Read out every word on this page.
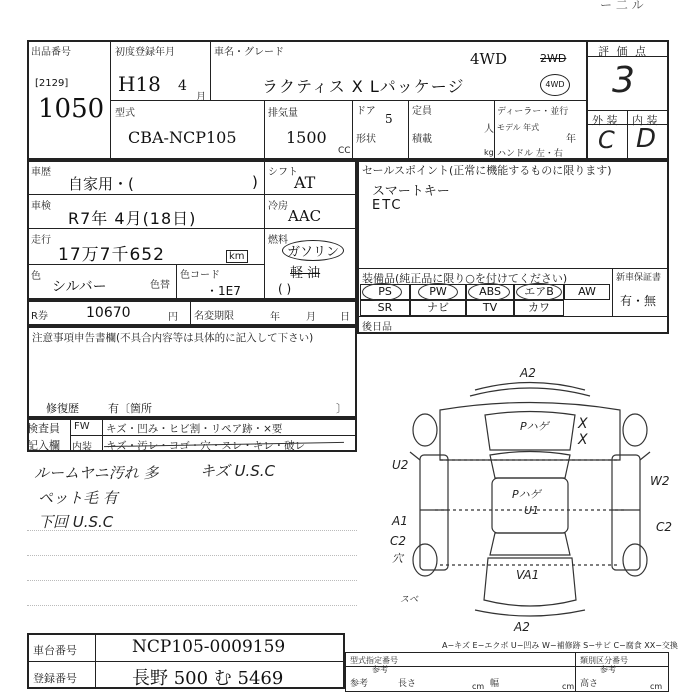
ー 二 ル
出品番号
[2129]
1050
初度登録年月
H18 4
月
車名・グレード	4WD	2WD
4WD
ラクティス X Lパッケージ
評 価 点
3
型式
CBA-NCP105
排気量
1500
CC
ドア
5
形状
定員
人
積載
kg
ディーラー・並行
モデル 年式
年
ハンドル 左・右
外 装 内 装
C D
車歴
自家用・(	)
シフト
AT
車検
R7年 4月(18日)
冷房
AAC
走行
17万7千652	km
燃料
ガソリン
軽 油
( )
色
シルバー	色替
色コード
・1E7
セールスポイント(正常に機能するものに限ります)
スマートキー
ETC
装備品(純正品に限り○を付けてください)
PS	PW	ABS	エアB	AW
SR	ナビ	TV	カワ
新車保証書
有・無
後日品
R券	10670	円 名変期限	年	月 日
注意事項申告書欄(不具合内容等は具体的に記入して下さい)
修復歴	有〔箇所	〕
検査員
記入欄
FW キズ・凹み・ヒビ割・リペア跡・×要
内装 キズ・汚レ・ヨゴ・穴・スレ・キレ・破レ
ルームヤニ汚れ 多	キズ U.S.C
ペット毛 有
下回 U.S.C
A2
Pハゲ X
X
U2
W2
Pハゲ
U1
A1	C2
C2
穴
VA1
A2
スベ
A−キズ E−エクボ U−凹み W−補修跡 S−サビ C−腐食 XX−交換
車台番号	NCP105-0009159
登録番号	長野 500 む 5469
型式指定番号
参考
類別区分番号
参考
参考	長さ	cm 幅	cm 高さ	cm
